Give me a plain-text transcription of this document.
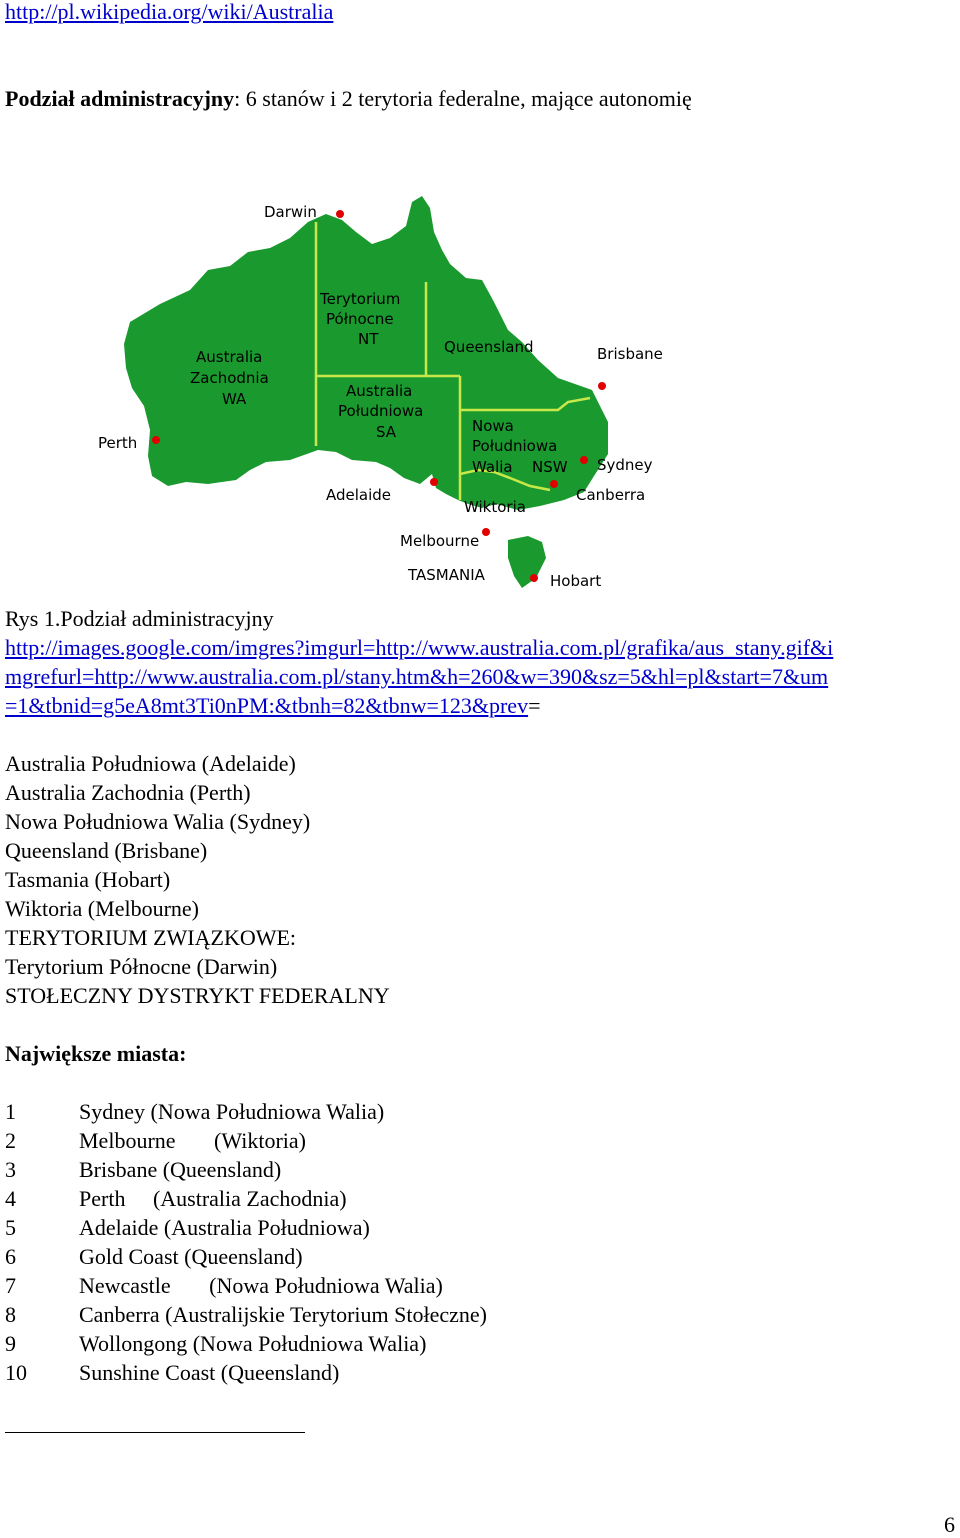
http://pl.wikipedia.org/wiki/Australia
Podział administracyjny: 6 stanów i 2 terytoria federalne, mające autonomię
Australia
Zachodnia
WA
Terytorium
Północne
NT
Australia
Południowa
SA
Queensland
Nowa
Południowa
Walia NSW
Wiktoria
TASMANIA
Darwin
Perth
Brisbane
Sydney
Canberra
Adelaide
Melbourne
Hobart
Rys 1.Podział administracyjny
http://images.google.com/imgres?imgurl=http://www.australia.com.pl/grafika/aus_stany.gif&i
mgrefurl=http://www.australia.com.pl/stany.htm&h=260&w=390&sz=5&hl=pl&start=7&um
=1&tbnid=g5eA8mt3Ti0nPM:&tbnh=82&tbnw=123&prev=
Australia Południowa (Adelaide)
Australia Zachodnia (Perth)
Nowa Południowa Walia (Sydney)
Queensland (Brisbane)
Tasmania (Hobart)
Wiktoria (Melbourne)
TERYTORIUM ZWIĄZKOWE:
Terytorium Północne (Darwin)
STOŁECZNY DYSTRYKT FEDERALNY
Największe miasta:
1	Sydney (Nowa Południowa Walia)
2	Melbourne       (Wiktoria)
3	Brisbane (Queensland)
4	Perth     (Australia Zachodnia)
5	Adelaide (Australia Południowa)
6	Gold Coast (Queensland)
7	Newcastle       (Nowa Południowa Walia)
8	Canberra (Australijskie Terytorium Stołeczne)
9	Wollongong (Nowa Południowa Walia)
10 Sunshine Coast (Queensland)
6
